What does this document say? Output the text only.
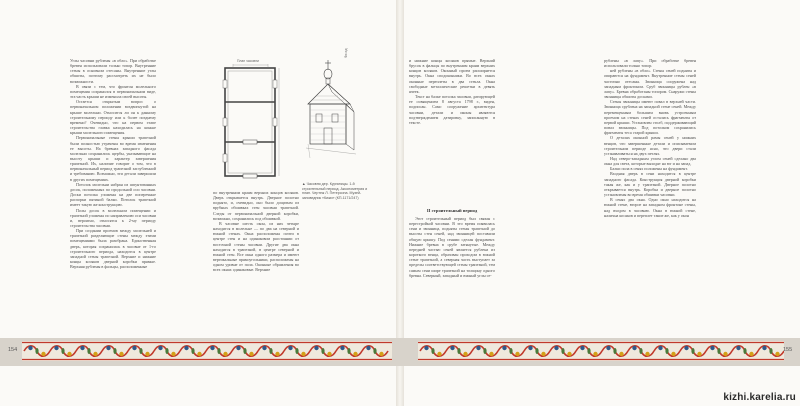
Углы часовни рублены «в обло». При обработке бревен использовали только топор. Внутренние стены в основном отесаны. Внутренние углы обшиты, поэтому рассмотреть их не было возможности.

В связи с тем, что фронтон молельного помещения сохранился в первоначальном виде, эта часть крыши не изменила своей высоты.

Остается открытым вопрос о первоначальном положении воздвигнутой на крыше молельни. Относится ли он к данному строительному периоду или к более позднему времени? Очевидно, что на первом этапе строительства главка находилась на коньке крыши молельного помещения.

Первоначальные стены крыши трапезной были полностью утрачены во время изменения ее высоты. На бревнах западного фасада молельни сохранились щербы, указывающие на высоту крыши и характер завершения трапезной. Их, наличие говорит о том, что в первоначальный период трапезной заглубленной и требованию. Возможно, эти детали завершили в других помещениях.

Потолок молельни набран из шпунтованных досок, положенных по продольной оси часовни. Доски потолка уложены на две поперечные распорки пятиной балки. Потолок трапезной имеет такую же конструкцию.

Полы досок в молельном помещении и трапезной уложены по направлению оси часовни и, вероятно, относятся к 2-му периоду строительства часовни.

При создании проемов между молельней и трапезной разделяющие стены между этими помещениями была разобрана. Единственная дверь, которая сохранилась в часовне от 1-го строительного периода, находится в центре западной стены трапезной. Верхние и нижние концы косяков дверной коробки прямые. Верхняя рублены в фальцы, расположенные

План часовни
Фасад
▲ Часовня дер. Курганицы. 1-й строительный период. Аксонометрия и план. Чертеж Л. Петерсона. Музей-заповедник «Кижи» (КП-1171/247)

по внутренним краям верхних концов косяков. Дверь открывается внутрь. Дверное полотно поднято, и, очевидно, оно было дощатым из врубных обшивках стен часовни трапезной. Следы от первоначальной дверной коробки, возможно, сохранились под обшивкой.

В часовне шесть окон, из них четыре находятся в молельне — по два на северной и южной стенах. Окна расположены почти в центре стен и на одинаковом расстоянии от восточной стены часовни. Другие два окна находятся в трапезной, в центре северной и южной стен. Все окна одного размера и имеют вертикальные прямоугольники, расположены на одном уровне от пола. Оконные обрамления во всех окнах одинаковые. Верхние

и нижние концы косяков прямые. Верхний брусок в фальцы по внутренним краям верхних концов косяков. Оконный проем расширяется внутрь. Окна сподоконники. Во всех окнах оконные переплеты в два стекла. Окна свободные металлические решетки в девять ячеек.

Текст на балке потолка часовни, датирующей ее освящением 8 августа 1798 г., виден, подписан. Само сооружение архитектура часовни, детали и иконы являются подтверждением датировку, записанную в тексте.

II строительный период

Этот строительный период был связан с перестройкой часовни. В это время появилась сени и звонница, подняты стены трапезной до высоты стен сеней, над звонницей поставили общую крышу. Под сенями сделан фундамент. Нижние бревна в срубе затянутые. Между передней частью сеней является рублена из короткого венца, образован проходом в южной стене трапезной, а северная часть выступает за пределы соответствующей стены трапезной, тем самым сени шире трапезной на толщину одного бревна. Северный, западный и южный углы се-

рублены «в лапу». При обработке бревен использовали только топор.

ней рублены «в обло». Стены сеней подняты и опираются на фундамент. Внутренние стены сеней частично отесаны. Звонница сооружена над западным фронтоном. Сруб звонницы рублен «в лапу». Бревна обработаны топором. Снаружи стены звонницы обшиты досками.

Стены звонницы имеют повал в верхней части. Звонница срублена на западной стене сеней. Между перемещенным большим вновь устроенным проемом на стенах сеней остались фрагменты от первой крыши. Установлен столб, поддерживающий повал звонницы. Под потолком сохранились фрагменты теса старой крыши.

О деталях оконной рамы сеней у нижних венцов, что завершенные детали и описываемом строительном периоде ясно, что двери стали устанавливаться на двух петлях.

Над северо-западным углом сеней сделано два окна для света, которые выходят на юг и на запад.

Балки пола в сенях положены на фундамент.

Входная дверь в сени находится в центре западного фасада. Конструкция дверной коробки такая же, как и у трапезной. Дверное полотно открывается внутрь. Коробка и дверное полотно установлены во время обшивки часовни.

В сенях два окна. Одно окно находится на южной стене, второе на западном фронтоне стены, над входом в часовню. Окна в южной стене, налична косяков и переплет такие же, как у окон

154	155
kizhi.karelia.ru
